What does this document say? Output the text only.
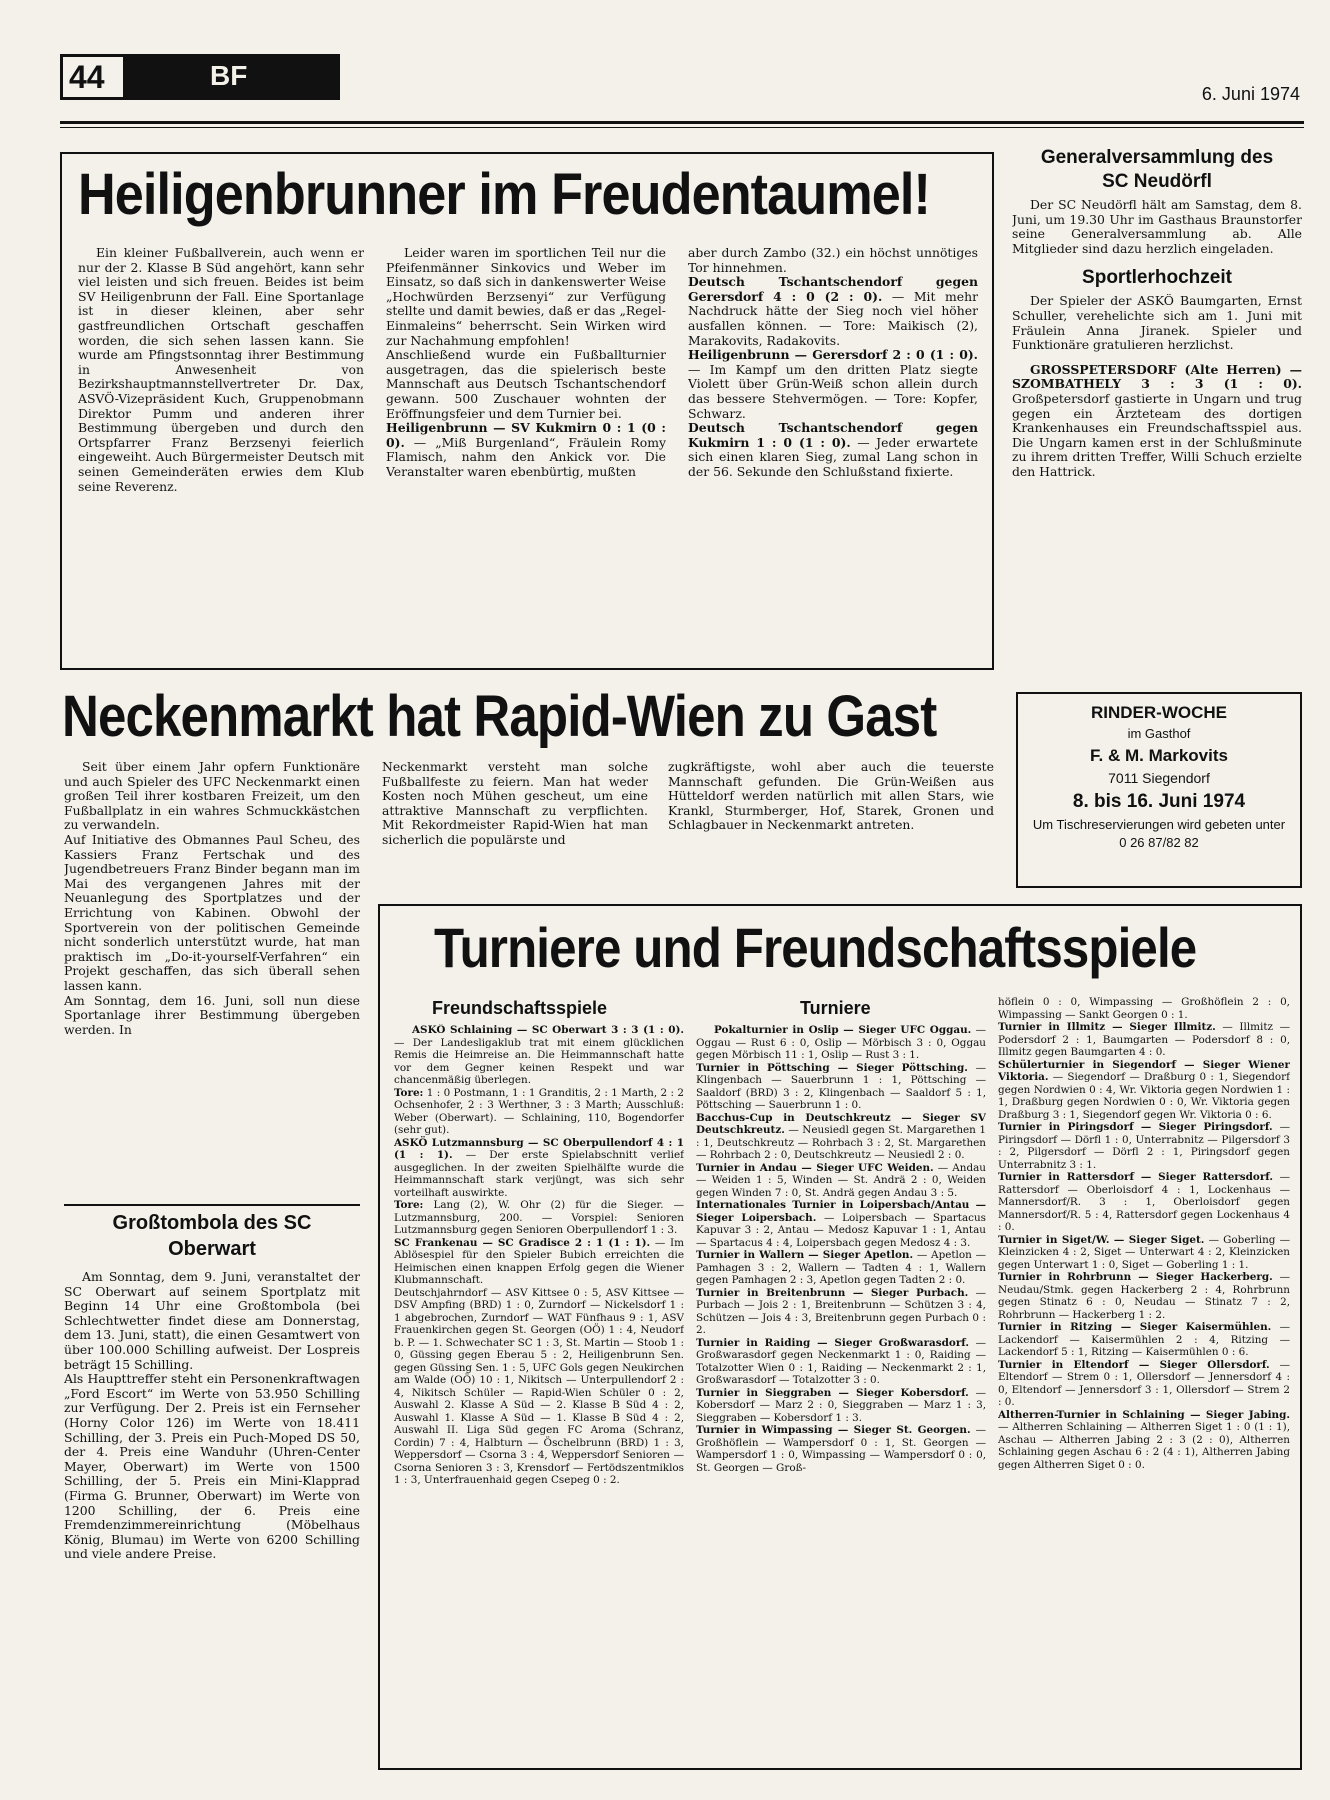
44	BF
6. Juni 1974
Heiligenbrunner im Freudentaumel!

Ein kleiner Fußballverein, auch wenn er nur der 2. Klasse B Süd angehört, kann sehr viel leisten und sich freuen. Beides ist beim SV Heiligenbrunn der Fall. Eine Sportanlage ist in dieser kleinen, aber sehr gastfreundlichen Ortschaft geschaffen worden, die sich sehen lassen kann. Sie wurde am Pfingstsonntag ihrer Bestimmung in Anwesenheit von Bezirkshauptmannstellvertreter Dr. Dax, ASVÖ-Vizepräsident Kuch, Gruppenobmann Direktor Pumm und anderen ihrer Bestimmung übergeben und durch den Ortspfarrer Franz Berzsenyi feierlich eingeweiht. Auch Bürgermeister Deutsch mit seinen Gemeinderäten erwies dem Klub seine Reverenz.

Leider waren im sportlichen Teil nur die Pfeifenmänner Sinkovics und Weber im Einsatz, so daß sich in dankenswerter Weise „Hochwürden Berzsenyi“ zur Verfügung stellte und damit bewies, daß er das „Regel-Einmaleins“ beherrscht. Sein Wirken wird zur Nachahmung empfohlen!

Anschließend wurde ein Fußballturnier ausgetragen, das die spielerisch beste Mannschaft aus Deutsch Tschantschendorf gewann. 500 Zuschauer wohnten der Eröffnungsfeier und dem Turnier bei.

Heiligenbrunn — SV Kukmirn 0 : 1 (0 : 0). — „Miß Burgenland“, Fräulein Romy Flamisch, nahm den Ankick vor. Die Veranstalter waren ebenbürtig, mußten

aber durch Zambo (32.) ein höchst unnötiges Tor hinnehmen.

Deutsch Tschantschendorf gegen Gerersdorf 4 : 0 (2 : 0). — Mit mehr Nachdruck hätte der Sieg noch viel höher ausfallen können. — Tore: Maikisch (2), Marakovits, Radakovits.

Heiligenbrunn — Gerersdorf 2 : 0 (1 : 0). — Im Kampf um den dritten Platz siegte Violett über Grün-Weiß schon allein durch das bessere Stehvermögen. — Tore: Kopfer, Schwarz.

Deutsch Tschantschendorf gegen Kukmirn 1 : 0 (1 : 0). — Jeder erwartete sich einen klaren Sieg, zumal Lang schon in der 56. Sekunde den Schlußstand fixierte.

Generalversammlung des SC Neudörfl
Der SC Neudörfl hält am Samstag, dem 8. Juni, um 19.30 Uhr im Gasthaus Braunstorfer seine Generalversammlung ab. Alle Mitglieder sind dazu herzlich eingeladen.
Sportlerhochzeit
Der Spieler der ASKÖ Baumgarten, Ernst Schuller, verehelichte sich am 1. Juni mit Fräulein Anna Jiranek. Spieler und Funktionäre gratulieren herzlichst.
GROSSPETERSDORF (Alte Herren) — SZOMBATHELY 3 : 3 (1 : 0). Großpetersdorf gastierte in Ungarn und trug gegen ein Ärzteteam des dortigen Krankenhauses ein Freundschaftsspiel aus. Die Ungarn kamen erst in der Schlußminute zu ihrem dritten Treffer, Willi Schuch erzielte den Hattrick.
Neckenmarkt hat Rapid-Wien zu Gast

Seit über einem Jahr opfern Funktionäre und auch Spieler des UFC Neckenmarkt einen großen Teil ihrer kostbaren Freizeit, um den Fußballplatz in ein wahres Schmuckkästchen zu verwandeln.

Auf Initiative des Obmannes Paul Scheu, des Kassiers Franz Fertschak und des Jugendbetreuers Franz Binder begann man im Mai des vergangenen Jahres mit der Neuanlegung des Sportplatzes und der Errichtung von Kabinen. Obwohl der Sportverein von der politischen Gemeinde nicht sonderlich unterstützt wurde, hat man praktisch im „Do-it-yourself-Verfahren“ ein Projekt geschaffen, das sich überall sehen lassen kann.

Am Sonntag, dem 16. Juni, soll nun diese Sportanlage ihrer Bestimmung übergeben werden. In

Neckenmarkt versteht man solche Fußballfeste zu feiern. Man hat weder Kosten noch Mühen gescheut, um eine attraktive Mannschaft zu verpflichten. Mit Rekordmeister Rapid-Wien hat man sicherlich die populärste und

zugkräftigste, wohl aber auch die teuerste Mannschaft gefunden. Die Grün-Weißen aus Hütteldorf werden natürlich mit allen Stars, wie Krankl, Sturmberger, Hof, Starek, Gronen und Schlagbauer in Neckenmarkt antreten.

RINDER-WOCHE
im Gasthof
F. & M. Markovits
7011 Siegendorf
8. bis 16. Juni 1974
Um Tischreservierungen wird gebeten unter 0 26 87/82 82
Großtombola des SC Oberwart

Am Sonntag, dem 9. Juni, veranstaltet der SC Oberwart auf seinem Sportplatz mit Beginn 14 Uhr eine Großtombola (bei Schlechtwetter findet diese am Donnerstag, dem 13. Juni, statt), die einen Gesamtwert von über 100.000 Schilling aufweist. Der Lospreis beträgt 15 Schilling.

Als Haupttreffer steht ein Personenkraftwagen „Ford Escort“ im Werte von 53.950 Schilling zur Verfügung. Der 2. Preis ist ein Fernseher (Horny Color 126) im Werte von 18.411 Schilling, der 3. Preis ein Puch-Moped DS 50, der 4. Preis eine Wanduhr (Uhren-Center Mayer, Oberwart) im Werte von 1500 Schilling, der 5. Preis ein Mini-Klapprad (Firma G. Brunner, Oberwart) im Werte von 1200 Schilling, der 6. Preis eine Fremdenzimmereinrichtung (Möbelhaus König, Blumau) im Werte von 6200 Schilling und viele andere Preise.

Turniere und Freundschaftsspiele
Freundschaftsspiele	Turniere

ASKÖ Schlaining — SC Oberwart 3 : 3 (1 : 0). — Der Landesligaklub trat mit einem glücklichen Remis die Heimreise an. Die Heimmannschaft hatte vor dem Gegner keinen Respekt und war chancenmäßig überlegen.

Tore: 1 : 0 Postmann, 1 : 1 Granditis, 2 : 1 Marth, 2 : 2 Ochsenhofer, 2 : 3 Werthner, 3 : 3 Marth; Ausschluß: Weber (Oberwart). — Schlaining, 110, Bogendorfer (sehr gut).

ASKÖ Lutzmannsburg — SC Oberpullendorf 4 : 1 (1 : 1). — Der erste Spielabschnitt verlief ausgeglichen. In der zweiten Spielhälfte wurde die Heimmannschaft stark verjüngt, was sich sehr vorteilhaft auswirkte.

Tore: Lang (2), W. Ohr (2) für die Sieger. — Lutzmannsburg, 200. — Vorspiel: Senioren Lutzmannsburg gegen Senioren Oberpullendorf 1 : 3.

SC Frankenau — SC Gradisce 2 : 1 (1 : 1). — Im Ablösespiel für den Spieler Bubich erreichten die Heimischen einen knappen Erfolg gegen die Wiener Klubmannschaft.

Deutschjahrndorf — ASV Kittsee 0 : 5, ASV Kittsee — DSV Ampfing (BRD) 1 : 0, Zurndorf — Nickelsdorf 1 : 1 abgebrochen, Zurndorf — WAT Fünfhaus 9 : 1, ASV Frauenkirchen gegen St. Georgen (OÖ) 1 : 4, Neudorf b. P. — 1. Schwechater SC 1 : 3, St. Martin — Stoob 1 : 0, Güssing gegen Eberau 5 : 2, Heiligenbrunn Sen. gegen Güssing Sen. 1 : 5, UFC Gols gegen Neukirchen am Walde (OÖ) 10 : 1, Nikitsch — Unterpullendorf 2 : 4, Nikitsch Schüler — Rapid-Wien Schüler 0 : 2, Auswahl 2. Klasse A Süd — 2. Klasse B Süd 4 : 2, Auswahl 1. Klasse A Süd — 1. Klasse B Süd 4 : 2, Auswahl II. Liga Süd gegen FC Aroma (Schranz, Cordin) 7 : 4, Halbturn — Öschelbrunn (BRD) 1 : 3, Weppersdorf — Csorna 3 : 4, Weppersdorf Senioren — Csorna Senioren 3 : 3, Krensdorf — Fertödszentmiklos 1 : 3, Unterfrauenhaid gegen Csepeg 0 : 2.

Pokalturnier in Oslip — Sieger UFC Oggau. — Oggau — Rust 6 : 0, Oslip — Mörbisch 3 : 0, Oggau gegen Mörbisch 11 : 1, Oslip — Rust 3 : 1.

Turnier in Pöttsching — Sieger Pöttsching. — Klingenbach — Sauerbrunn 1 : 1, Pöttsching — Saaldorf (BRD) 3 : 2, Klingenbach — Saaldorf 5 : 1, Pöttsching — Sauerbrunn 1 : 0.

Bacchus-Cup in Deutschkreutz — Sieger SV Deutschkreutz. — Neusiedl gegen St. Margarethen 1 : 1, Deutschkreutz — Rohrbach 3 : 2, St. Margarethen — Rohrbach 2 : 0, Deutschkreutz — Neusiedl 2 : 0.

Turnier in Andau — Sieger UFC Weiden. — Andau — Weiden 1 : 5, Winden — St. Andrä 2 : 0, Weiden gegen Winden 7 : 0, St. Andrä gegen Andau 3 : 5.

Internationales Turnier in Loipersbach/Antau — Sieger Loipersbach. — Loipersbach — Spartacus Kapuvar 3 : 2, Antau — Medosz Kapuvar 1 : 1, Antau — Spartacus 4 : 4, Loipersbach gegen Medosz 4 : 3.

Turnier in Wallern — Sieger Apetlon. — Apetlon — Pamhagen 3 : 2, Wallern — Tadten 4 : 1, Wallern gegen Pamhagen 2 : 3, Apetlon gegen Tadten 2 : 0.

Turnier in Breitenbrunn — Sieger Purbach. — Purbach — Jois 2 : 1, Breitenbrunn — Schützen 3 : 4, Schützen — Jois 4 : 3, Breitenbrunn gegen Purbach 0 : 2.

Turnier in Raiding — Sieger Großwarasdorf. — Großwarasdorf gegen Neckenmarkt 1 : 0, Raiding — Totalzotter Wien 0 : 1, Raiding — Neckenmarkt 2 : 1, Großwarasdorf — Totalzotter 3 : 0.

Turnier in Sieggraben — Sieger Kobersdorf. — Kobersdorf — Marz 2 : 0, Sieggraben — Marz 1 : 3, Sieggraben — Kobersdorf 1 : 3.

Turnier in Wimpassing — Sieger St. Georgen. — Großhöflein — Wampersdorf 0 : 1, St. Georgen — Wampersdorf 1 : 0, Wimpassing — Wampersdorf 0 : 0, St. Georgen — Groß-

höflein 0 : 0, Wimpassing — Großhöflein 2 : 0, Wimpassing — Sankt Georgen 0 : 1.

Turnier in Illmitz — Sieger Illmitz. — Illmitz — Podersdorf 2 : 1, Baumgarten — Podersdorf 8 : 0, Illmitz gegen Baumgarten 4 : 0.

Schülerturnier in Siegendorf — Sieger Wiener Viktoria. — Siegendorf — Draßburg 0 : 1, Siegendorf gegen Nordwien 0 : 4, Wr. Viktoria gegen Nordwien 1 : 1, Draßburg gegen Nordwien 0 : 0, Wr. Viktoria gegen Draßburg 3 : 1, Siegendorf gegen Wr. Viktoria 0 : 6.

Turnier in Piringsdorf — Sieger Piringsdorf. — Piringsdorf — Dörfl 1 : 0, Unterrabnitz — Pilgersdorf 3 : 2, Pilgersdorf — Dörfl 2 : 1, Piringsdorf gegen Unterrabnitz 3 : 1.

Turnier in Rattersdorf — Sieger Rattersdorf. — Rattersdorf — Oberloisdorf 4 : 1, Lockenhaus — Mannersdorf/R. 3 : 1, Oberloisdorf gegen Mannersdorf/R. 5 : 4, Rattersdorf gegen Lockenhaus 4 : 0.

Turnier in Siget/W. — Sieger Siget. — Goberling — Kleinzicken 4 : 2, Siget — Unterwart 4 : 2, Kleinzicken gegen Unterwart 1 : 0, Siget — Goberling 1 : 1.

Turnier in Rohrbrunn — Sieger Hackerberg. — Neudau/Stmk. gegen Hackerberg 2 : 4, Rohrbrunn gegen Stinatz 6 : 0, Neudau — Stinatz 7 : 2, Rohrbrunn — Hackerberg 1 : 2.

Turnier in Ritzing — Sieger Kaisermühlen. — Lackendorf — Kaisermühlen 2 : 4, Ritzing — Lackendorf 5 : 1, Ritzing — Kaisermühlen 0 : 6.

Turnier in Eltendorf — Sieger Ollersdorf. — Eltendorf — Strem 0 : 1, Ollersdorf — Jennersdorf 4 : 0, Eltendorf — Jennersdorf 3 : 1, Ollersdorf — Strem 2 : 0.

Altherren-Turnier in Schlaining — Sieger Jabing. — Altherren Schlaining — Altherren Siget 1 : 0 (1 : 1), Aschau — Altherren Jabing 2 : 3 (2 : 0), Altherren Schlaining gegen Aschau 6 : 2 (4 : 1), Altherren Jabing gegen Altherren Siget 0 : 0.
